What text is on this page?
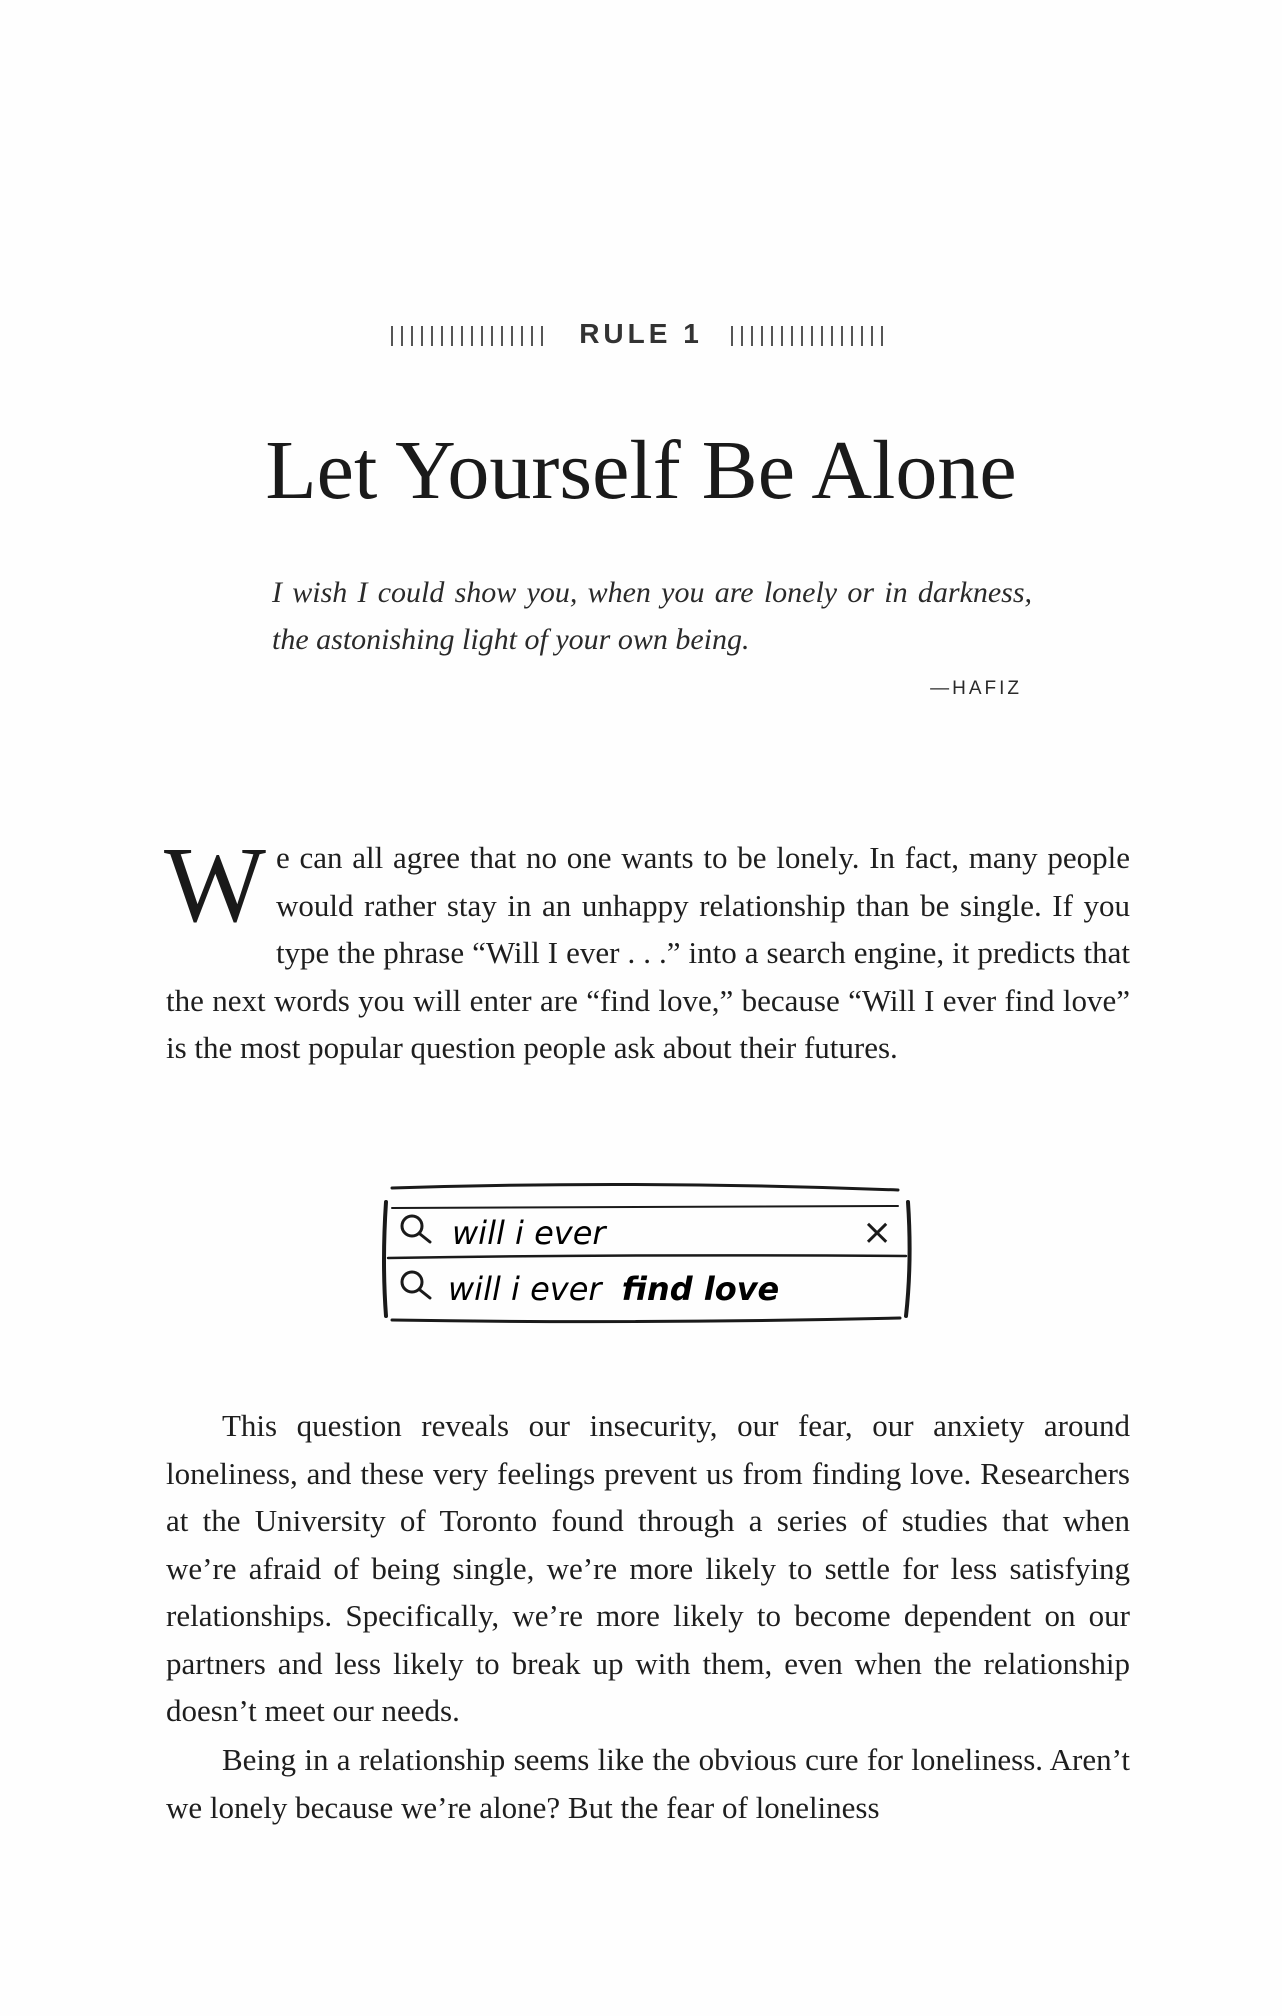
RULE 1
Let Yourself Be Alone
I wish I could show you, when you are lonely or in darkness, the astonishing light of your own being.
—HAFIZ

We can all agree that no one wants to be lonely. In fact, many people would rather stay in an unhappy relationship than be single. If you type the phrase “Will I ever . . .” into a search engine, it predicts that the next words you will enter are “find love,” because “Will I ever find love” is the most popular question people ask about their futures.

will i ever	×
will i ever find love

This question reveals our insecurity, our fear, our anxiety around loneliness, and these very feelings prevent us from finding love. Researchers at the University of Toronto found through a series of studies that when we’re afraid of being single, we’re more likely to settle for less satisfying relationships. Specifically, we’re more likely to become dependent on our partners and less likely to break up with them, even when the relationship doesn’t meet our needs.

Being in a relationship seems like the obvious cure for loneliness. Aren’t we lonely because we’re alone? But the fear of loneliness
